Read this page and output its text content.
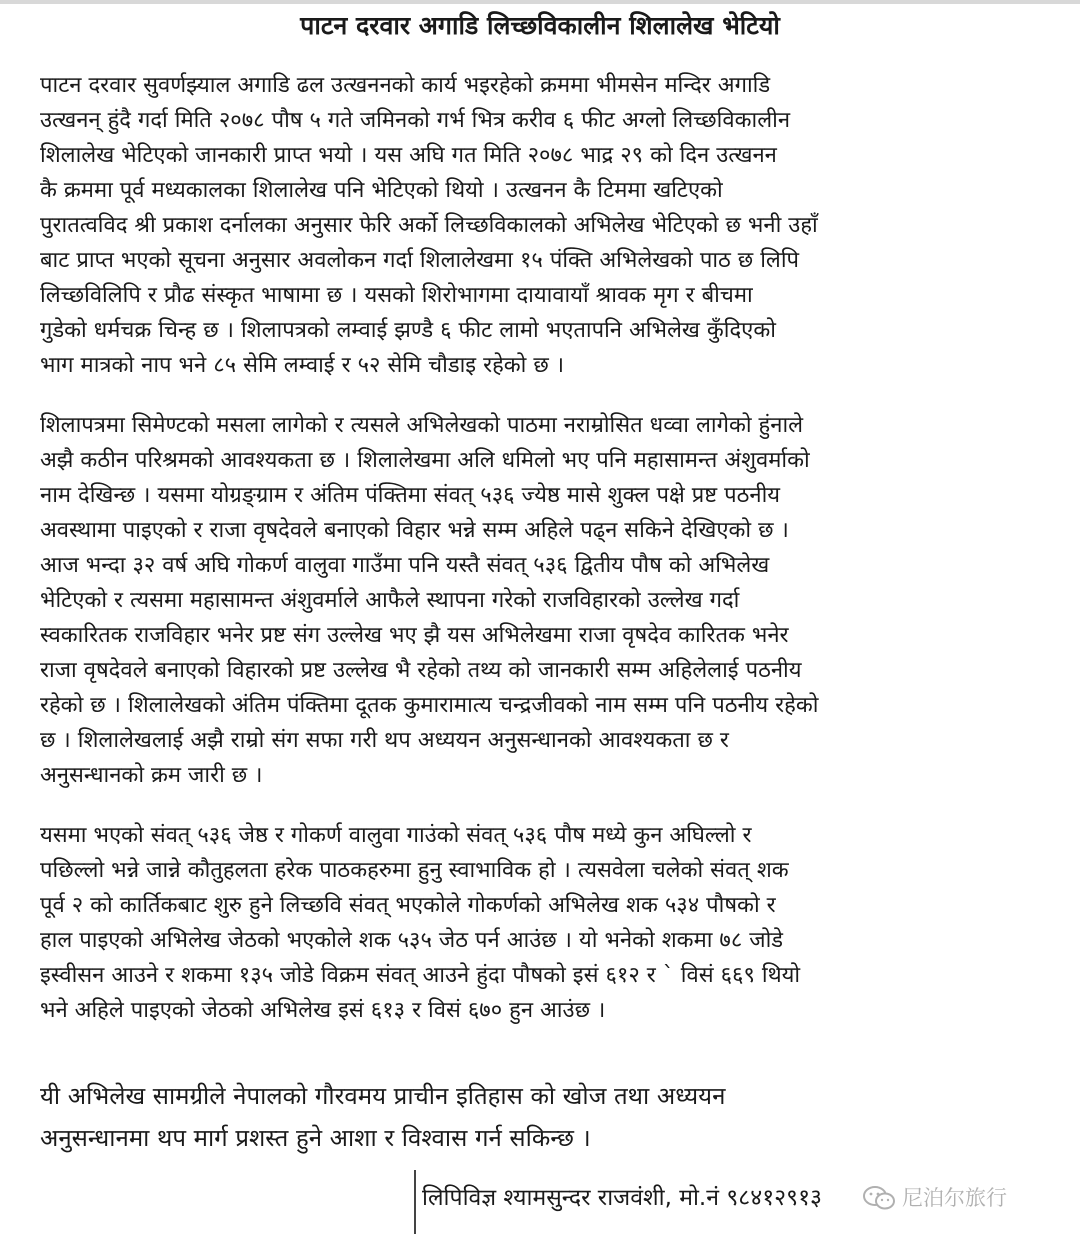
पाटन दरवार अगाडि लिच्छविकालीन शिलालेख भेटियो
पाटन दरवार सुवर्णझ्याल अगाडि ढल उत्खननको कार्य भइरहेको क्रममा भीमसेन मन्दिर अगाडि
उत्खनन् हुंदै गर्दा मिति २०७८ पौष ५ गते जमिनको गर्भ भित्र करीव ६ फीट अग्लो लिच्छविकालीन
शिलालेख भेटिएको जानकारी प्राप्त भयो । यस अघि गत मिति २०७८ भाद्र २९ को दिन उत्खनन
कै क्रममा पूर्व मध्यकालका शिलालेख पनि भेटिएको थियो । उत्खनन कै टिममा खटिएको
पुरातत्वविद श्री प्रकाश दर्नालका अनुसार फेरि अर्को लिच्छविकालको अभिलेख भेटिएको छ भनी उहाँ
बाट प्राप्त भएको सूचना अनुसार अवलोकन गर्दा शिलालेखमा १५ पंक्ति अभिलेखको पाठ छ लिपि
लिच्छविलिपि र प्रौढ संस्कृत भाषामा छ । यसको शिरोभागमा दायावायाँ श्रावक मृग र बीचमा
गुडेको धर्मचक्र चिन्ह छ । शिलापत्रको लम्वाई झण्डै ६ फीट लामो भएतापनि अभिलेख कुँदिएको
भाग मात्रको नाप भने ८५ सेमि लम्वाई र ५२ सेमि चौडाइ रहेको छ ।
शिलापत्रमा सिमेण्टको मसला लागेको र त्यसले अभिलेखको पाठमा नराम्रोसित धव्वा लागेको हुंनाले
अझै कठीन परिश्रमको आवश्यकता छ । शिलालेखमा अलि धमिलो भए पनि महासामन्त अंशुवर्माको
नाम देखिन्छ । यसमा योग्रङ्ग्राम र अंतिम पंक्तिमा संवत् ५३६ ज्येष्ठ मासे शुक्ल पक्षे प्रष्ट पठनीय
अवस्थामा पाइएको र राजा वृषदेवले बनाएको विहार भन्ने सम्म अहिले पढ्न सकिने देखिएको छ ।
आज भन्दा ३२ वर्ष अघि गोकर्ण वालुवा गाउँमा पनि यस्तै संवत् ५३६ द्वितीय पौष को अभिलेख
भेटिएको र त्यसमा महासामन्त अंशुवर्माले आफैले स्थापना गरेको राजविहारको उल्लेख गर्दा
स्वकारितक राजविहार भनेर प्रष्ट संग उल्लेख भए झै यस अभिलेखमा राजा वृषदेव कारितक भनेर
राजा वृषदेवले बनाएको विहारको प्रष्ट उल्लेख भै रहेको तथ्य को जानकारी सम्म अहिलेलाई पठनीय
रहेको छ । शिलालेखको अंतिम पंक्तिमा दूतक कुमारामात्य चन्द्रजीवको नाम सम्म पनि पठनीय रहेको
छ । शिलालेखलाई अझै राम्रो संग सफा गरी थप अध्ययन अनुसन्धानको आवश्यकता छ र
अनुसन्धानको क्रम जारी छ ।
यसमा भएको संवत् ५३६ जेष्ठ र गोकर्ण वालुवा गाउंको संवत् ५३६ पौष मध्ये कुन अघिल्लो र
पछिल्लो भन्ने जान्ने कौतुहलता हरेक पाठकहरुमा हुनु स्वाभाविक हो । त्यसवेला चलेको संवत् शक
पूर्व २ को कार्तिकबाट शुरु हुने लिच्छवि संवत् भएकोले गोकर्णको अभिलेख शक ५३४ पौषको र
हाल पाइएको अभिलेख जेठको भएकोले शक ५३५ जेठ पर्न आउंछ । यो भनेको शकमा ७८ जोडे
इस्वीसन आउने र शकमा १३५ जोडे विक्रम संवत् आउने हुंदा पौषको इसं ६१२ र ` विसं ६६९ थियो
भने अहिले पाइएको जेठको अभिलेख इसं ६१३ र विसं ६७० हुन आउंछ ।
यी अभिलेख सामग्रीले नेपालको गौरवमय प्राचीन इतिहास को खोज तथा अध्ययन
अनुसन्धानमा थप मार्ग प्रशस्त हुने आशा र विश्वास गर्न सकिन्छ ।
लिपिविज्ञ श्यामसुन्दर राजवंशी, मो.नं ९८४१२९१३	尼泊尔旅行
